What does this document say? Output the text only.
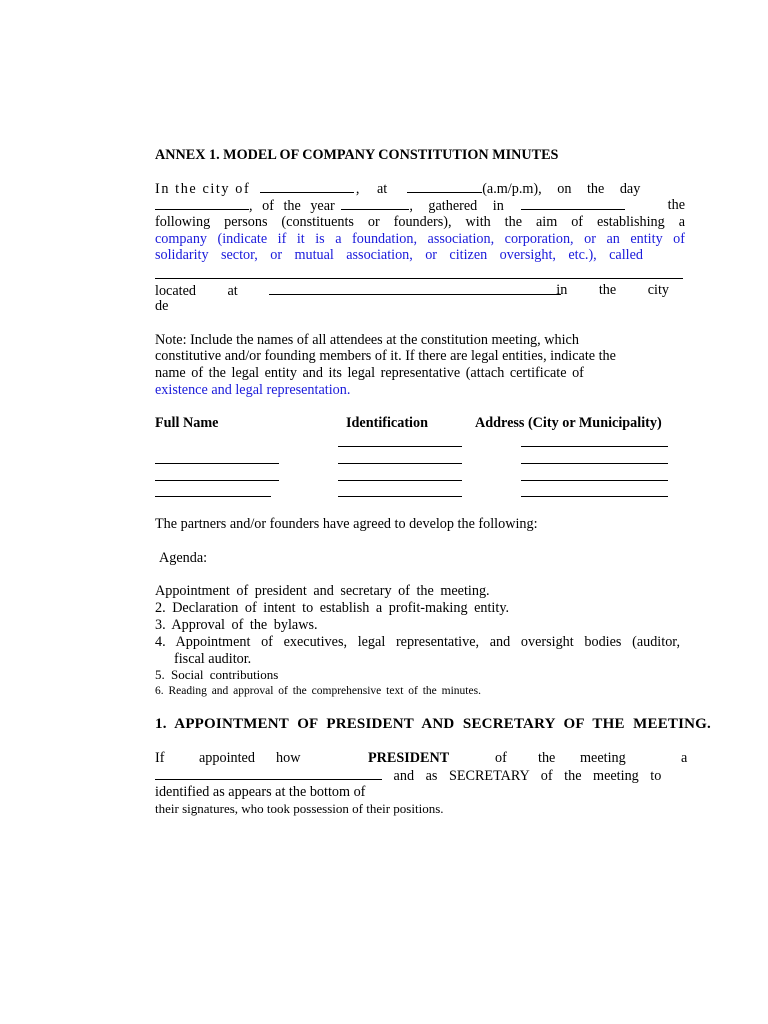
ANNEX 1. MODEL OF COMPANY CONSTITUTION MINUTES
In the city of	, at	(a.m/p.m), on the day
, of the year	, gathered in	the
following persons (constituents or founders), with the aim of establishing a
company (indicate if it is a foundation, association, corporation, or an entity of
solidarity sector, or mutual association, or citizen oversight, etc.), called
located at	in the city
de
Note: Include the names of all attendees at the constitution meeting, which
constitutive and/or founding members of it. If there are legal entities, indicate the
name of the legal entity and its legal representative (attach certificate of
existence and legal representation.
Full Name	Identification	Address (City or Municipality)
The partners and/or founders have agreed to develop the following:
Agenda:
Appointment of president and secretary of the meeting.
2. Declaration of intent to establish a profit-making entity.
3. Approval of the bylaws.
4. Appointment of executives, legal representative, and oversight bodies (auditor,
fiscal auditor.
5. Social contributions
6. Reading and approval of the comprehensive text of the minutes.
1. APPOINTMENT OF PRESIDENT AND SECRETARY OF THE MEETING.
If appointed how	PRESIDENT	of the meeting	a
and as SECRETARY of the meeting to
identified as appears at the bottom of
their signatures, who took possession of their positions.
